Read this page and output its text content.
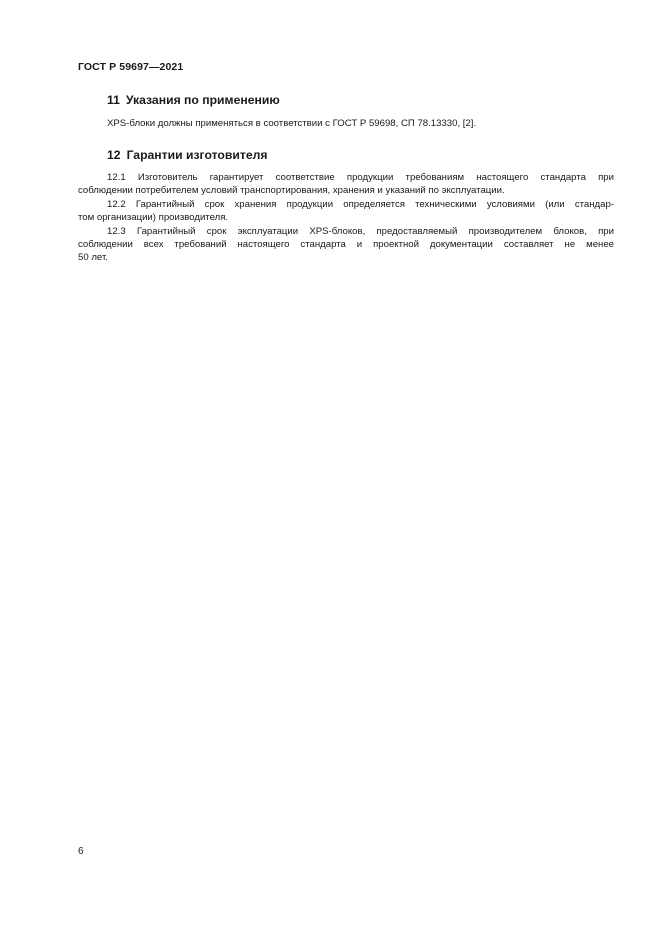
ГОСТ Р 59697—2021
11 Указания по применению
XPS-блоки должны применяться в соответствии с ГОСТ Р 59698, СП 78.13330, [2].
12 Гарантии изготовителя
12.1 Изготовитель гарантирует соответствие продукции требованиям настоящего стандарта при
соблюдении потребителем условий транспортирования, хранения и указаний по эксплуатации.
12.2 Гарантийный срок хранения продукции определяется техническими условиями (или стандар-
том организации) производителя.
12.3 Гарантийный срок эксплуатации XPS-блоков, предоставляемый производителем блоков, при
соблюдении всех требований настоящего стандарта и проектной документации составляет не менее
50 лет.
6
